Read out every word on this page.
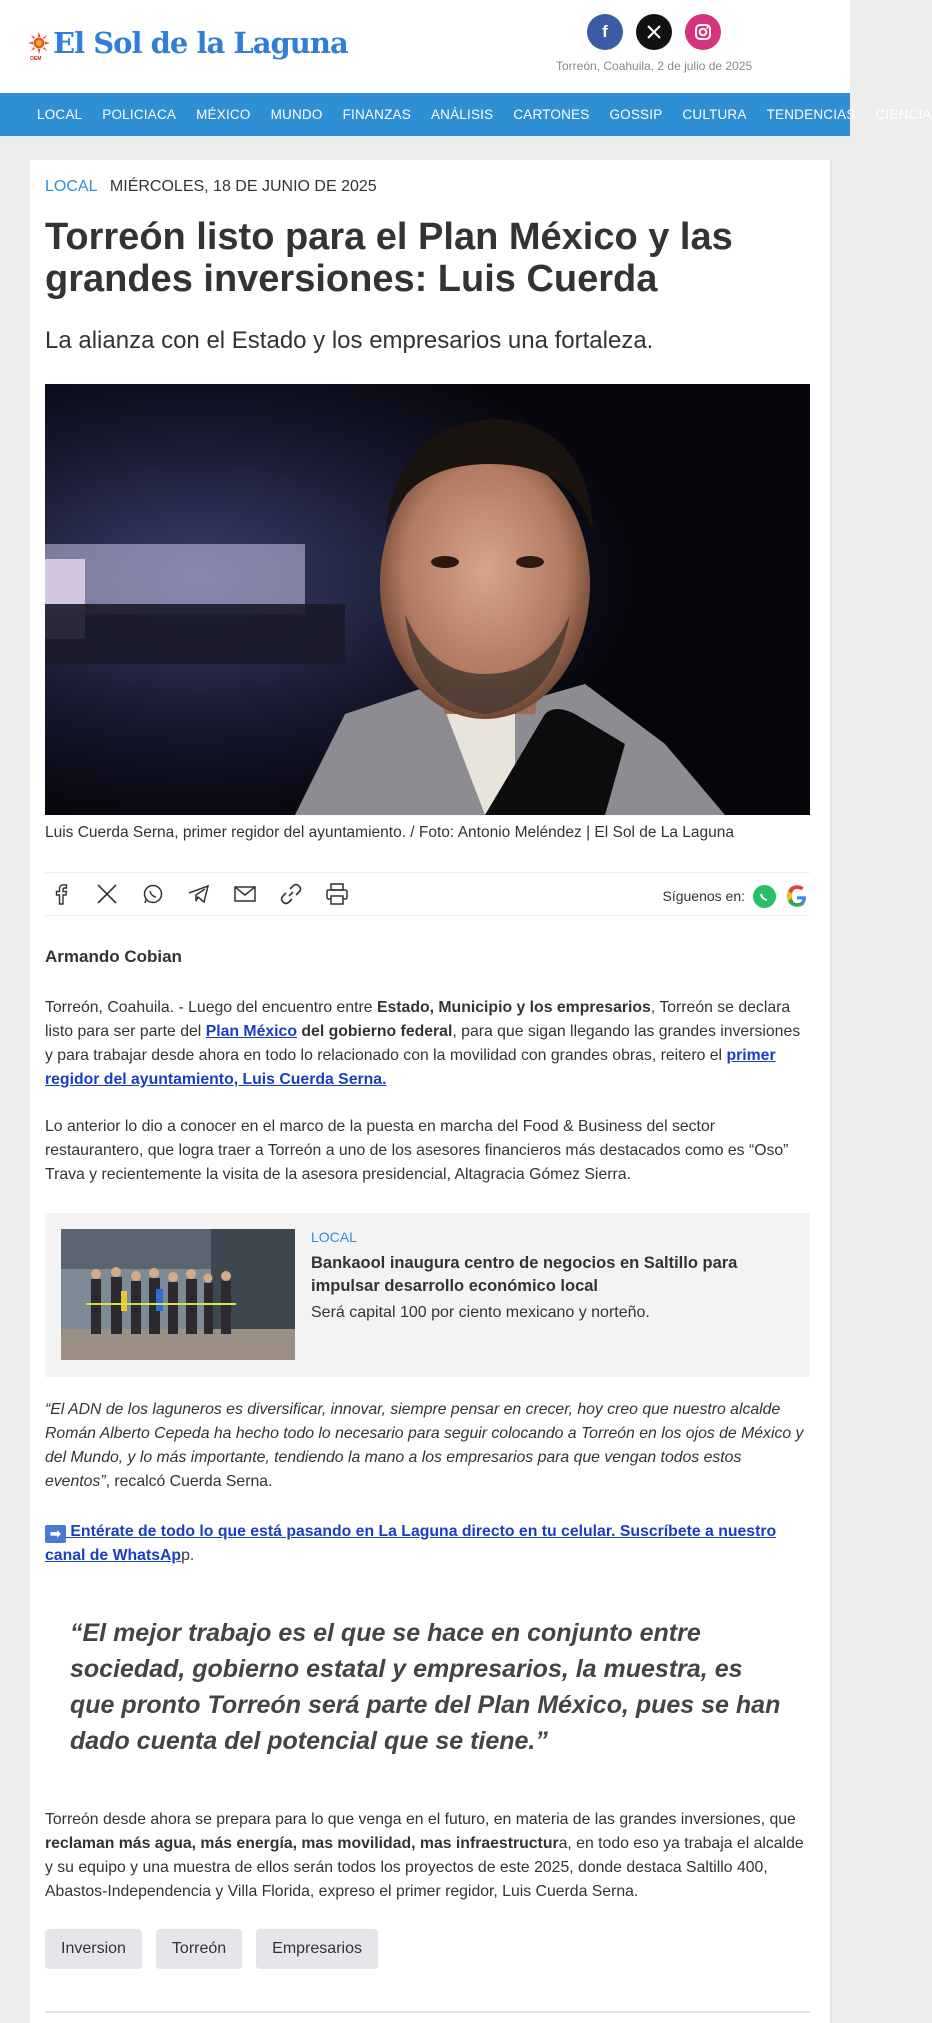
OEM El Sol de la Laguna	f
Torreón, Coahuila, 2 de julio de 2025
LOCAL POLICIACA MÉXICO MUNDO FINANZAS ANÁLISIS CARTONES GOSSIP CULTURA TENDENCIAS CIENCIA
LOCAL MIÉRCOLES, 18 DE JUNIO DE 2025
Torreón listo para el Plan México y las grandes inversiones: Luis Cuerda
La alianza con el Estado y los empresarios una fortaleza.
Luis Cuerda Serna, primer regidor del ayuntamiento. / Foto: Antonio Meléndez | El Sol de La Laguna
Síguenos en:
Armando Cobian

Torreón, Coahuila. - Luego del encuentro entre Estado, Municipio y los empresarios, Torreón se declara listo para ser parte del Plan México del gobierno federal, para que sigan llegando las grandes inversiones y para trabajar desde ahora en todo lo relacionado con la movilidad con grandes obras, reitero el primer regidor del ayuntamiento, Luis Cuerda Serna.

Lo anterior lo dio a conocer en el marco de la puesta en marcha del Food & Business del sector restaurantero, que logra traer a Torreón a uno de los asesores financieros más destacados como es “Oso” Trava y recientemente la visita de la asesora presidencial, Altagracia Gómez Sierra.

LOCAL
Bankaool inaugura centro de negocios en Saltillo para impulsar desarrollo económico local
Será capital 100 por ciento mexicano y norteño.

“El ADN de los laguneros es diversificar, innovar, siempre pensar en crecer, hoy creo que nuestro alcalde Román Alberto Cepeda ha hecho todo lo necesario para seguir colocando a Torreón en los ojos de México y del Mundo, y lo más importante, tendiendo la mano a los empresarios para que vengan todos estos eventos”, recalcó Cuerda Serna.

➡ Entérate de todo lo que está pasando en La Laguna directo en tu celular. Suscríbete a nuestro canal de WhatsApp.

“El mejor trabajo es el que se hace en conjunto entre sociedad, gobierno estatal y empresarios, la muestra, es que pronto Torreón será parte del Plan México, pues se han dado cuenta del potencial que se tiene.”

Torreón desde ahora se prepara para lo que venga en el futuro, en materia de las grandes inversiones, que reclaman más agua, más energía, mas movilidad, mas infraestructura, en todo eso ya trabaja el alcalde y su equipo y una muestra de ellos serán todos los proyectos de este 2025, donde destaca Saltillo 400, Abastos-Independencia y Villa Florida, expreso el primer regidor, Luis Cuerda Serna.

Inversion	Torreón	Empresarios
